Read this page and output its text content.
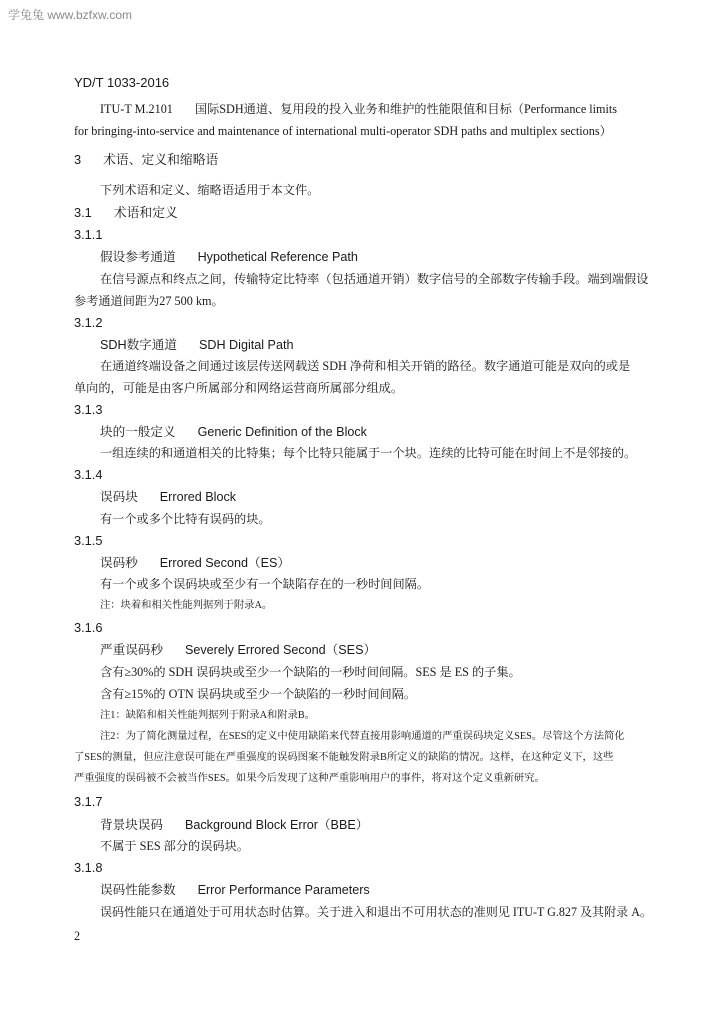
学兔兔 www.bzfxw.com
YD/T 1033-2016
ITU-T M.2101 国际SDH通道、复用段的投入业务和维护的性能限值和目标（Performance limits
for bringing-into-service and maintenance of international multi-operator SDH paths and multiplex sections）
3 术语、定义和缩略语
下列术语和定义、缩略语适用于本文件。
3.1 术语和定义
3.1.1
假设参考通道 Hypothetical Reference Path
在信号源点和终点之间，传输特定比特率（包括通道开销）数字信号的全部数字传输手段。端到端假设
参考通道间距为27 500 km。
3.1.2
SDH数字通道 SDH Digital Path
在通道终端设备之间通过该层传送网载送 SDH 净荷和相关开销的路径。数字通道可能是双向的或是
单向的，可能是由客户所属部分和网络运营商所属部分组成。
3.1.3
块的一般定义 Generic Definition of the Block
一组连续的和通道相关的比特集；每个比特只能属于一个块。连续的比特可能在时间上不是邻接的。
3.1.4
误码块 Errored Block
有一个或多个比特有误码的块。
3.1.5
误码秒 Errored Second（ES）
有一个或多个误码块或至少有一个缺陷存在的一秒时间间隔。
注：块着和相关性能判据列于附录A。
3.1.6
严重误码秒 Severely Errored Second（SES）
含有≥30%的 SDH 误码块或至少一个缺陷的一秒时间间隔。SES 是 ES 的子集。
含有≥15%的 OTN 误码块或至少一个缺陷的一秒时间间隔。
注1：缺陷和相关性能判据列于附录A和附录B。
注2：为了简化测量过程，在SES的定义中使用缺陷来代替直接用影响通道的严重误码块定义SES。尽管这个方法简化
了SES的测量，但应注意误可能在严重强度的误码图案不能触发附录B所定义的缺陷的情况。这样，在这种定义下，这些
严重强度的误码被不会被当作SES。如果今后发现了这种严重影响用户的事件，将对这个定义重新研究。
3.1.7
背景块误码 Background Block Error（BBE）
不属于 SES 部分的误码块。
3.1.8
误码性能参数 Error Performance Parameters
误码性能只在通道处于可用状态时估算。关于进入和退出不可用状态的准则见 ITU-T G.827 及其附录 A。
2
